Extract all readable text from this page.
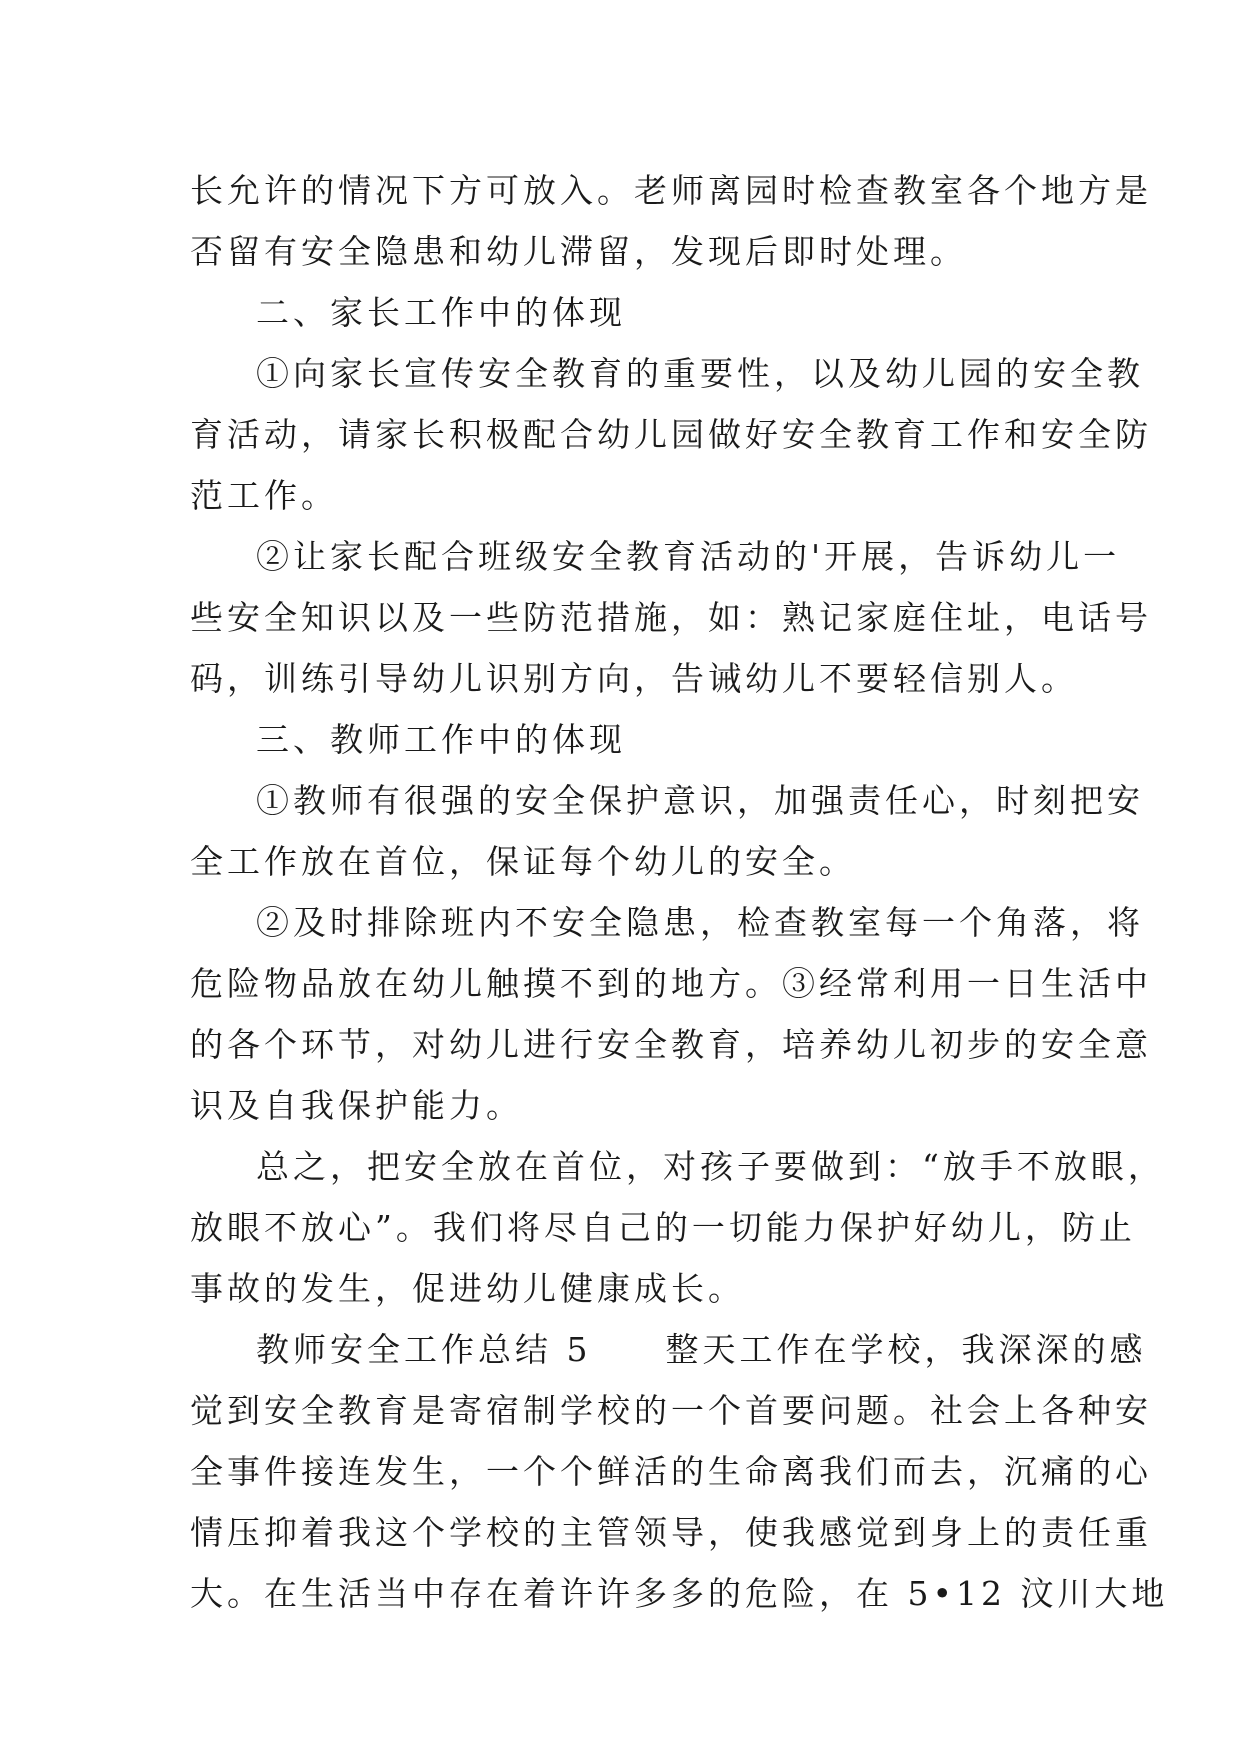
长允许的情况下方可放入。老师离园时检查教室各个地方是
否留有安全隐患和幼儿滞留，发现后即时处理。
二、家长工作中的体现
①向家长宣传安全教育的重要性，以及幼儿园的安全教
育活动，请家长积极配合幼儿园做好安全教育工作和安全防
范工作。
②让家长配合班级安全教育活动的'开展，告诉幼儿一
些安全知识以及一些防范措施，如：熟记家庭住址，电话号
码，训练引导幼儿识别方向，告诫幼儿不要轻信别人。
三、教师工作中的体现
①教师有很强的安全保护意识，加强责任心，时刻把安
全工作放在首位，保证每个幼儿的安全。
②及时排除班内不安全隐患，检查教室每一个角落，将
危险物品放在幼儿触摸不到的地方。③经常利用一日生活中
的各个环节，对幼儿进行安全教育，培养幼儿初步的安全意
识及自我保护能力。
总之，把安全放在首位，对孩子要做到：“放手不放眼，
放眼不放心”。我们将尽自己的一切能力保护好幼儿，防止
事故的发生，促进幼儿健康成长。
教师安全工作总结 5　　整天工作在学校，我深深的感
觉到安全教育是寄宿制学校的一个首要问题。社会上各种安
全事件接连发生，一个个鲜活的生命离我们而去，沉痛的心
情压抑着我这个学校的主管领导，使我感觉到身上的责任重
大。在生活当中存在着许许多多的危险，在 5•12 汶川大地
